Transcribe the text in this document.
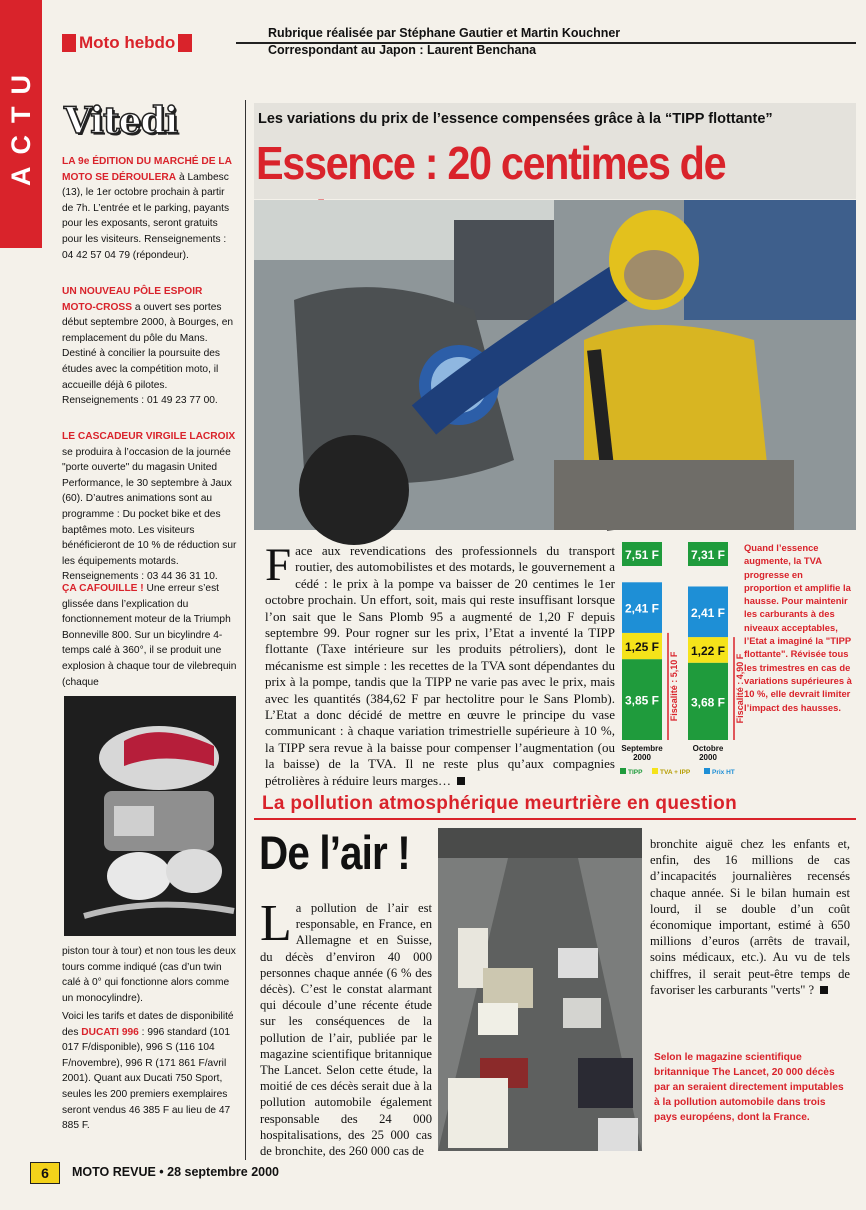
ACTU
Moto hebdo	Rubrique réalisée par Stéphane Gautier et Martin Kouchner
Correspondant au Japon : Laurent Benchana
Vitedi
LA 9e ÉDITION DU MARCHÉ DE LA MOTO SE DÉROULERA à Lambesc (13), le 1er octobre prochain à partir de 7h. L’entrée et le parking, payants pour les exposants, seront gratuits pour les visiteurs. Renseignements : 04 42 57 04 79 (répondeur).
UN NOUVEAU PÔLE ESPOIR MOTO-CROSS a ouvert ses portes début septembre 2000, à Bourges, en remplacement du pôle du Mans. Destiné à concilier la poursuite des études avec la compétition moto, il accueille déjà 6 pilotes. Renseignements : 01 49 23 77 00.
LE CASCADEUR VIRGILE LACROIX se produira à l’occasion de la journée "porte ouverte" du magasin United Performance, le 30 septembre à Jaux (60). D’autres animations sont au programme : Du pocket bike et des baptêmes moto. Les visiteurs bénéficieront de 10 % de réduction sur les équipements motards. Renseignements : 03 44 36 31 10.
ÇA CAFOUILLE ! Une erreur s’est glissée dans l’explication du fonctionnement moteur de la Triumph Bonneville 800. Sur un bicylindre 4-temps calé à 360°, il se produit une explosion à chaque tour de vilebrequin (chaque
piston tour à tour) et non tous les deux tours comme indiqué (cas d’un twin calé à 0° qui fonctionne alors comme un monocylindre).
Voici les tarifs et dates de disponibilité des DUCATI 996 : 996 standard (101 017 F/disponible), 996 S (116 104 F/novembre), 996 R (171 861 F/avril 2001). Quant aux Ducati 750 Sport, seules les 200 premiers exemplaires seront vendus 46 385 F au lieu de 47 885 F.
Les variations du prix de l’essence compensées grâce à la “TIPP flottante”
Essence : 20 centimes de
Face aux revendications des professionnels du transport routier, des automobilistes et des motards, le gouvernement a cédé : le prix à la pompe va baisser de 20 centimes le 1er octobre prochain. Un effort, soit, mais qui reste insuffisant lorsque l’on sait que le Sans Plomb 95 a augmenté de 1,20 F depuis septembre 99. Pour rogner sur les prix, l’Etat a inventé la TIPP flottante (Taxe intérieure sur les produits pétroliers), dont le mécanisme est simple : les recettes de la TVA sont dépendantes du prix à la pompe, tandis que la TIPP ne varie pas avec le prix, mais avec les quantités (384,62 F par hectolitre pour le Sans Plomb). L’Etat a donc décidé de mettre en œuvre le principe du vase communicant : à chaque variation trimestrielle supérieure à 10 %, la TIPP sera revue à la baisse pour compenser l’augmentation (ou la baisse) de la TVA. Il ne reste plus qu’aux compagnies pétrolières à réduire leurs marges…
7,51 F
3,85 F
1,25 F
2,41 F
Fiscalité : 5,10 F
Septembre
2000
7,31 F
3,68 F
1,22 F
2,41 F
Fiscalité : 4,90 F
Octobre
2000
TIPP	TVA + IPP	Prix HT
Quand l’essence augmente, la TVA progresse en proportion et amplifie la hausse. Pour maintenir les carburants à des niveaux acceptables, l’Etat a imaginé la "TIPP flottante". Révisée tous les trimestres en cas de variations supérieures à 10 %, elle devrait limiter l’impact des hausses.
La pollution atmosphérique meurtrière en question
De l’air !
La pollution de l’air est responsable, en France, en Allemagne et en Suisse, du décès d’environ 40 000 personnes chaque année (6 % des décès). C’est le constat alarmant qui découle d’une récente étude sur les conséquences de la pollution de l’air, publiée par le magazine scientifique britannique The Lancet. Selon cette étude, la moitié de ces décès serait due à la pollution automobile également responsable des 24 000 hospitalisations, des 25 000 cas de bronchite, des 260 000 cas de
bronchite aiguë chez les enfants et, enfin, des 16 millions de cas d’incapacités journalières recensés chaque année. Si le bilan humain est lourd, il se double d’un coût économique important, estimé à 650 millions d’euros (arrêts de travail, soins médicaux, etc.). Au vu de tels chiffres, il serait peut-être temps de favoriser les carburants "verts" ?
Selon le magazine scientifique britannique The Lancet, 20 000 décès par an seraient directement imputables à la pollution automobile dans trois pays européens, dont la France.
6	MOTO REVUE • 28 septembre 2000
